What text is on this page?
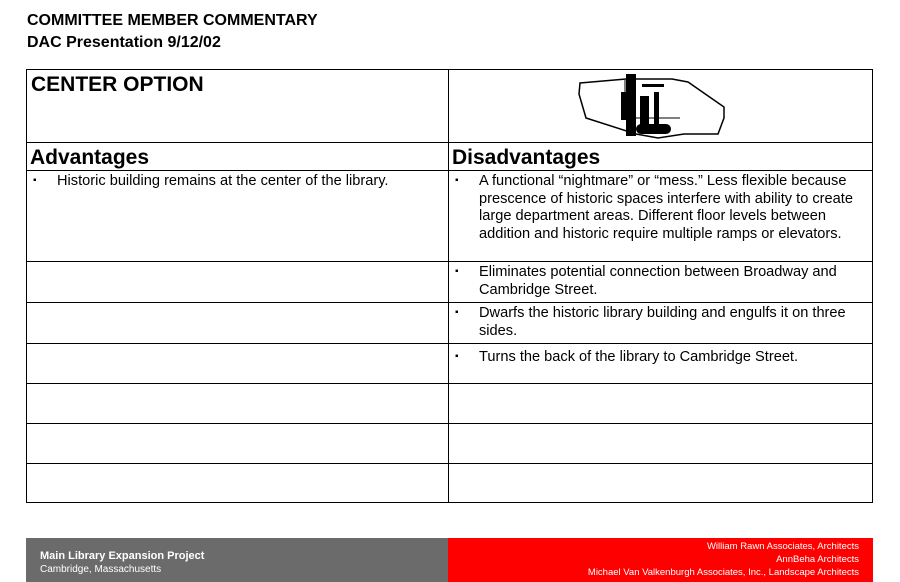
COMMITTEE MEMBER COMMENTARY
DAC Presentation 9/12/02
CENTER OPTION	

Advantages	Disadvantages

▪ Historic building remains at the center of the library.	▪ A functional “nightmare” or “mess.” Less flexible because prescence of historic spaces interfere with ability to create large department areas. Different floor levels between addition and historic require multiple ramps or elevators.

	▪ Eliminates potential connection between Broadway and Cambridge Street.

	▪ Dwarfs the historic library building and engulfs it on three sides.

	▪ Turns the back of the library to Cambridge Street.

Main Library Expansion Project
Cambridge, Massachusetts
William Rawn Associates, Architects
AnnBeha Architects
Michael Van Valkenburgh Associates, Inc., Landscape Architects
